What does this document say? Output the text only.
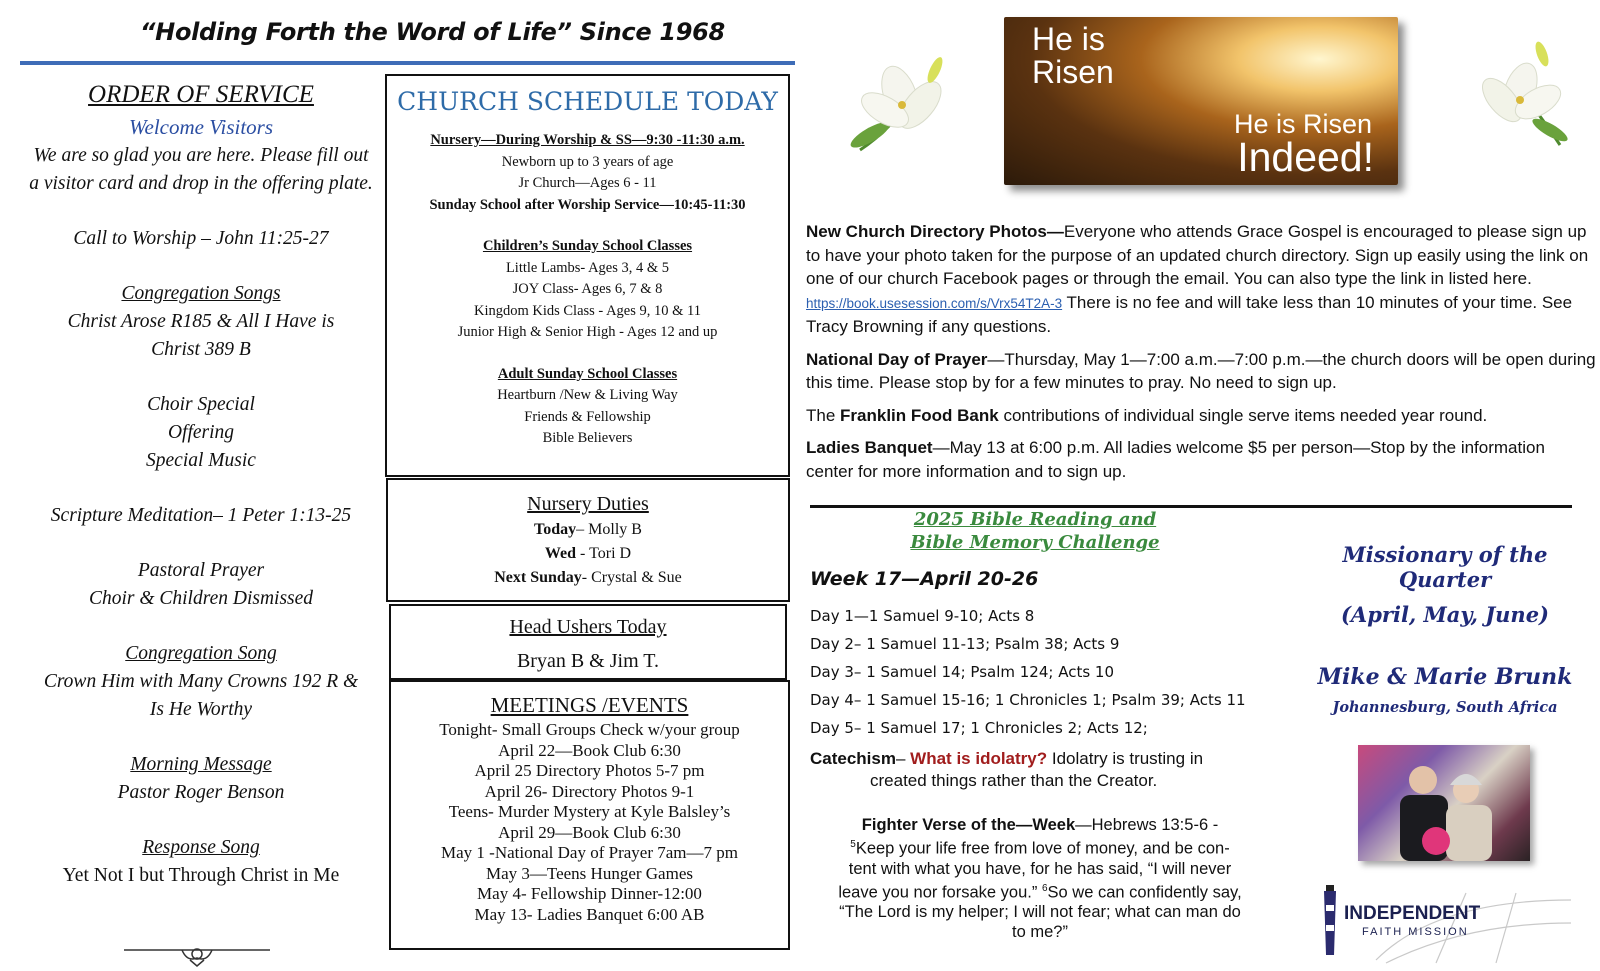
“Holding Forth the Word of Life” Since 1968
ORDER OF SERVICE
Welcome Visitors
We are so glad you are here. Please fill out
a visitor card and drop in the offering plate.
Call to Worship – John 11:25-27
Congregation Songs
Christ Arose R185 & All I Have is
Christ 389 B
Choir Special
Offering
Special Music
Scripture Meditation– 1 Peter 1:13-25
Pastoral Prayer
Choir & Children Dismissed
Congregation Song
Crown Him with Many Crowns 192 R &
Is He Worthy
Morning Message
Pastor Roger Benson
Response Song
Yet Not I but Through Christ in Me
CHURCH SCHEDULE TODAY
Nursery—During Worship & SS—9:30 -11:30 a.m.
Newborn up to 3 years of age
Jr Church—Ages 6 - 11
Sunday School after Worship Service—10:45-11:30
Children’s Sunday School Classes
Little Lambs- Ages 3, 4 & 5
JOY Class- Ages 6, 7 & 8
Kingdom Kids Class - Ages 9, 10 & 11
Junior High & Senior High - Ages 12 and up
Adult Sunday School Classes
Heartburn /New & Living Way
Friends & Fellowship
Bible Believers
Nursery Duties
Today– Molly B
Wed - Tori D
Next Sunday- Crystal & Sue
Head Ushers Today
Bryan B & Jim T.
MEETINGS /EVENTS
Tonight- Small Groups Check w/your group
April 22—Book Club 6:30
April 25 Directory Photos 5-7 pm
April 26- Directory Photos 9-1
Teens- Murder Mystery at Kyle Balsley’s
April 29—Book Club 6:30
May 1 -National Day of Prayer 7am—7 pm
May 3—Teens Hunger Games
May 4- Fellowship Dinner-12:00
May 13- Ladies Banquet 6:00 AB
He is
Risen
He is Risen
Indeed!

New Church Directory Photos—Everyone who attends Grace Gospel is encouraged to please sign up to have your photo taken for the purpose of an updated church directory. Sign up easily using the link on one of our church Facebook pages or through the email. You can also type the link in listed here. https://book.usesession.com/s/Vrx54T2A-3 There is no fee and will take less than 10 minutes of your time. See Tracy Browning if any questions.

National Day of Prayer—Thursday, May 1—7:00 a.m.—7:00 p.m.—the church doors will be open during this time. Please stop by for a few minutes to pray. No need to sign up.

The Franklin Food Bank contributions of individual single serve items needed year round.

Ladies Banquet—May 13 at 6:00 p.m. All ladies welcome $5 per person—Stop by the information center for more information and to sign up.

2025 Bible Reading and
Bible Memory Challenge
Week 17—April 20-26
Day 1—1 Samuel 9-10; Acts 8
Day 2– 1 Samuel 11-13; Psalm 38; Acts 9
Day 3– 1 Samuel 14; Psalm 124; Acts 10
Day 4– 1 Samuel 15-16; 1 Chronicles 1; Psalm 39; Acts 11
Day 5– 1 Samuel 17; 1 Chronicles 2; Acts 12;
Catechism– What is idolatry? Idolatry is trusting in
created things rather than the Creator.
Fighter Verse of the—Week—Hebrews 13:5-6 -
$^5$Keep your life free from love of money, and be con-
tent with what you have, for he has said, “I will never
leave you nor forsake you.” $^6$So we can confidently say,
“The Lord is my helper; I will not fear; what can man do
to me?”
Missionary of the
Quarter
(April, May, June)
Mike & Marie Brunk
Johannesburg, South Africa
INDEPENDENT
FAITH MISSION
